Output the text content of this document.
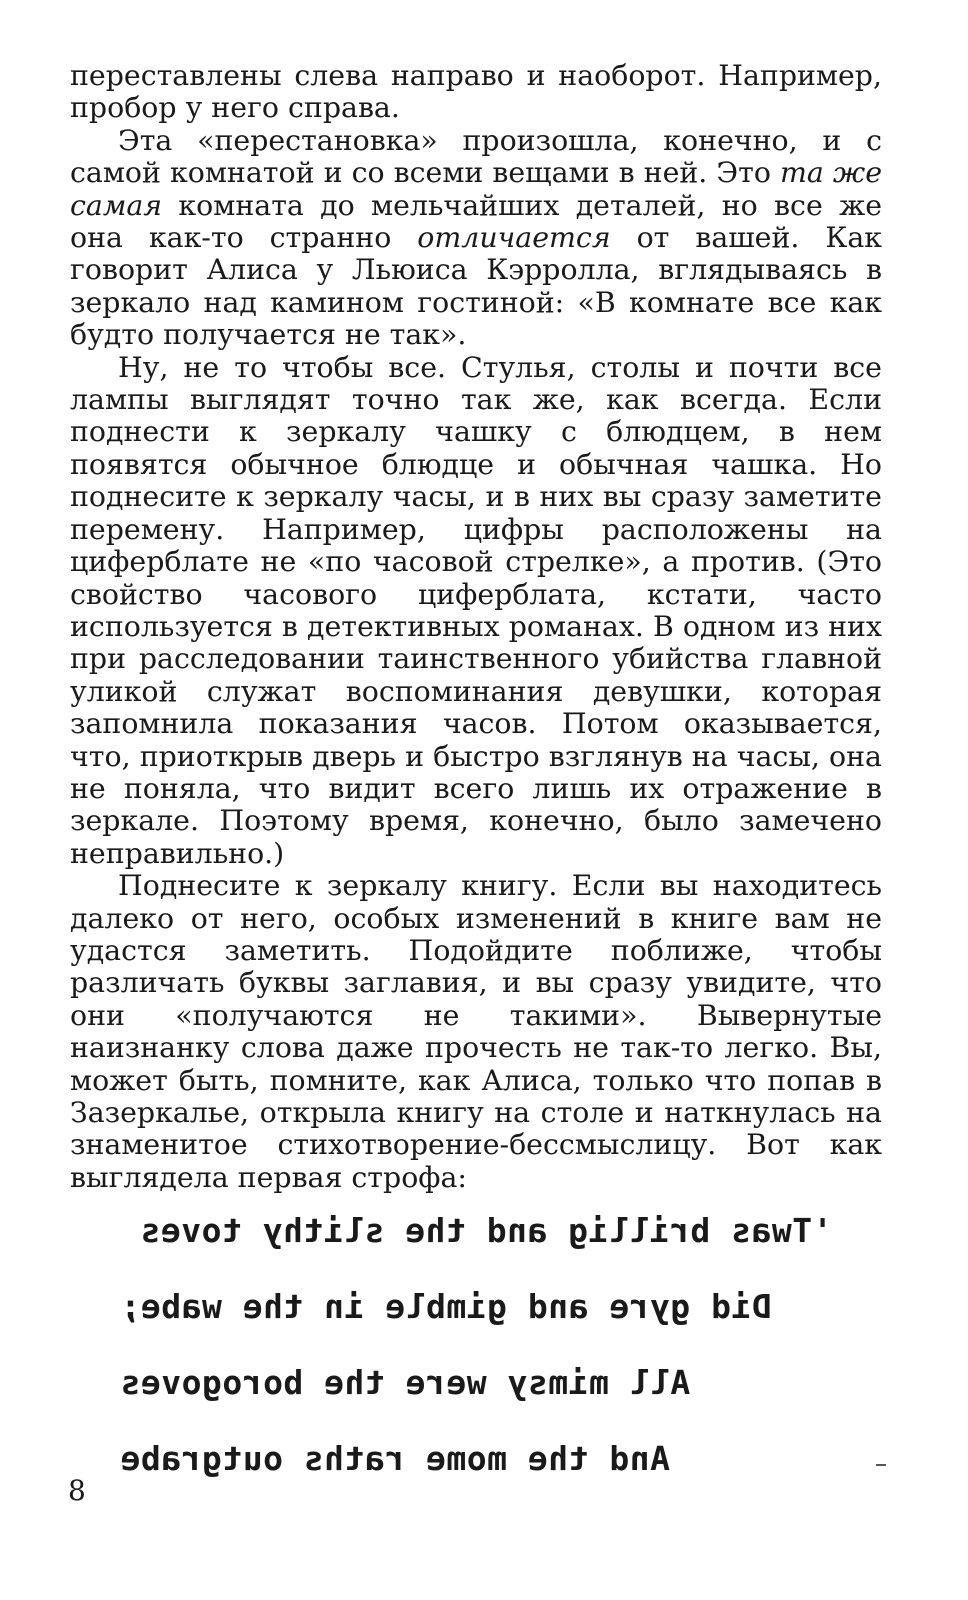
переставлены слева направо и наоборот. Например, пробор у него справа.

Эта «перестановка» произошла, конечно, и с самой комнатой и со всеми вещами в ней. Это та же самая комната до мельчайших деталей, но все же она как-то странно отличается от вашей. Как говорит Алиса у Льюиса Кэрролла, вглядываясь в зеркало над камином гостиной: «В комнате все как будто получается не так».

Ну, не то чтобы все. Стулья, столы и почти все лампы выглядят точно так же, как всегда. Если поднести к зеркалу чашку с блюдцем, в нем появятся обычное блюдце и обычная чашка. Но поднесите к зеркалу часы, и в них вы сразу заметите перемену. Например, цифры расположены на циферблате не «по часовой стрелке», а против. (Это свойство часового циферблата, кстати, часто используется в детективных романах. В одном из них при расследовании таинственного убийства главной уликой служат воспоминания девушки, которая запомнила показания часов. Потом оказывается, что, приоткрыв дверь и быстро взглянув на часы, она не поняла, что видит всего лишь их отражение в зеркале. Поэтому время, конечно, было замечено неправильно.)

Поднесите к зеркалу книгу. Если вы находитесь далеко от него, особых изменений в книге вам не удастся заметить. Подойдите поближе, чтобы различать буквы заглавия, и вы сразу увидите, что они «получаются не такими». Вывернутые наизнанку слова даже прочесть не так-то легко. Вы, может быть, помните, как Алиса, только что попав в Зазеркалье, открыла книгу на столе и наткнулась на знаменитое стихотворение-бессмыслицу. Вот как выглядела первая строфа:

'Twas brillig and the slithy toves
Did gyre and gimble in the wabe;
All mimsy were the borogoves
And the mome raths outgrabe
8
